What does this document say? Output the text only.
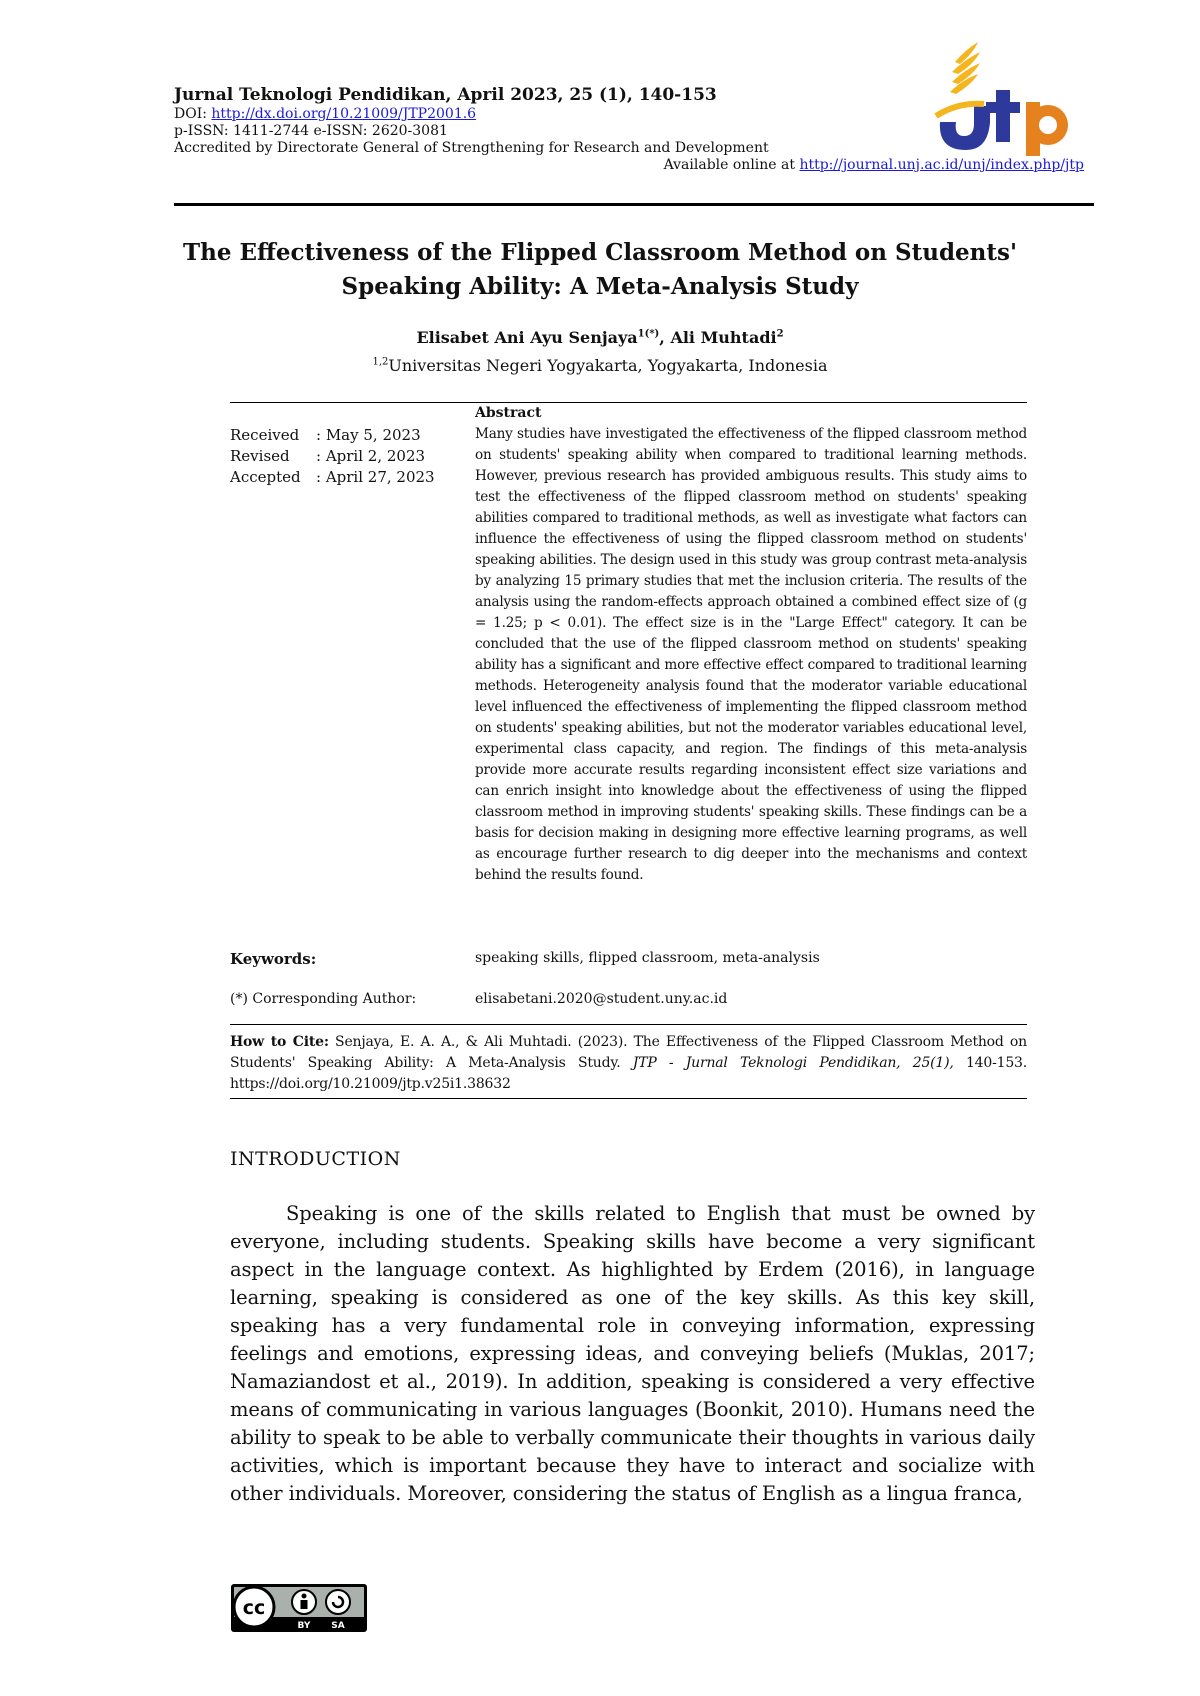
Jurnal Teknologi Pendidikan, April 2023, 25 (1), 140-153
DOI: http://dx.doi.org/10.21009/JTP2001.6
p-ISSN: 1411-2744 e-ISSN: 2620-3081
Accredited by Directorate General of Strengthening for Research and Development
Available online at http://journal.unj.ac.id/unj/index.php/jtp
The Effectiveness of the Flipped Classroom Method on Students'
Speaking Ability: A Meta-Analysis Study
Elisabet Ani Ayu Senjaya$^{1(*)}$, Ali Muhtadi$^2$
$^{1,2}$Universitas Negeri Yogyakarta, Yogyakarta, Indonesia
Received	: May 5, 2023
Revised	: April 2, 2023
Accepted	: April 27, 2023
Abstract
Many studies have investigated the effectiveness of the flipped classroom method on students' speaking ability when compared to traditional learning methods. However, previous research has provided ambiguous results. This study aims to test the effectiveness of the flipped classroom method on students' speaking abilities compared to traditional methods, as well as investigate what factors can influence the effectiveness of using the flipped classroom method on students' speaking abilities. The design used in this study was group contrast meta-analysis by analyzing 15 primary studies that met the inclusion criteria. The results of the analysis using the random-effects approach obtained a combined effect size of (g = 1.25; p < 0.01). The effect size is in the "Large Effect" category. It can be concluded that the use of the flipped classroom method on students' speaking ability has a significant and more effective effect compared to traditional learning methods. Heterogeneity analysis found that the moderator variable educational level influenced the effectiveness of implementing the flipped classroom method on students' speaking abilities, but not the moderator variables educational level, experimental class capacity, and region. The findings of this meta-analysis provide more accurate results regarding inconsistent effect size variations and can enrich insight into knowledge about the effectiveness of using the flipped classroom method in improving students' speaking skills. These findings can be a basis for decision making in designing more effective learning programs, as well as encourage further research to dig deeper into the mechanisms and context behind the results found.
Keywords:	speaking skills, flipped classroom, meta-analysis
(*) Corresponding Author:	elisabetani.2020@student.uny.ac.id
How to Cite: Senjaya, E. A. A., & Ali Muhtadi. (2023). The Effectiveness of the Flipped Classroom Method on Students' Speaking Ability: A Meta-Analysis Study. JTP - Jurnal Teknologi Pendidikan, 25(1), 140-153. https://doi.org/10.21009/jtp.v25i1.38632
INTRODUCTION
Speaking is one of the skills related to English that must be owned by everyone, including students. Speaking skills have become a very significant aspect in the language context. As highlighted by Erdem (2016), in language learning, speaking is considered as one of the key skills. As this key skill, speaking has a very fundamental role in conveying information, expressing feelings and emotions, expressing ideas, and conveying beliefs (Muklas, 2017; Namaziandost et al., 2019). In addition, speaking is considered a very effective means of communicating in various languages (Boonkit, 2010). Humans need the ability to speak to be able to verbally communicate their thoughts in various daily activities, which is important because they have to interact and socialize with other individuals. Moreover, considering the status of English as a lingua franca,
cc
BY SA
